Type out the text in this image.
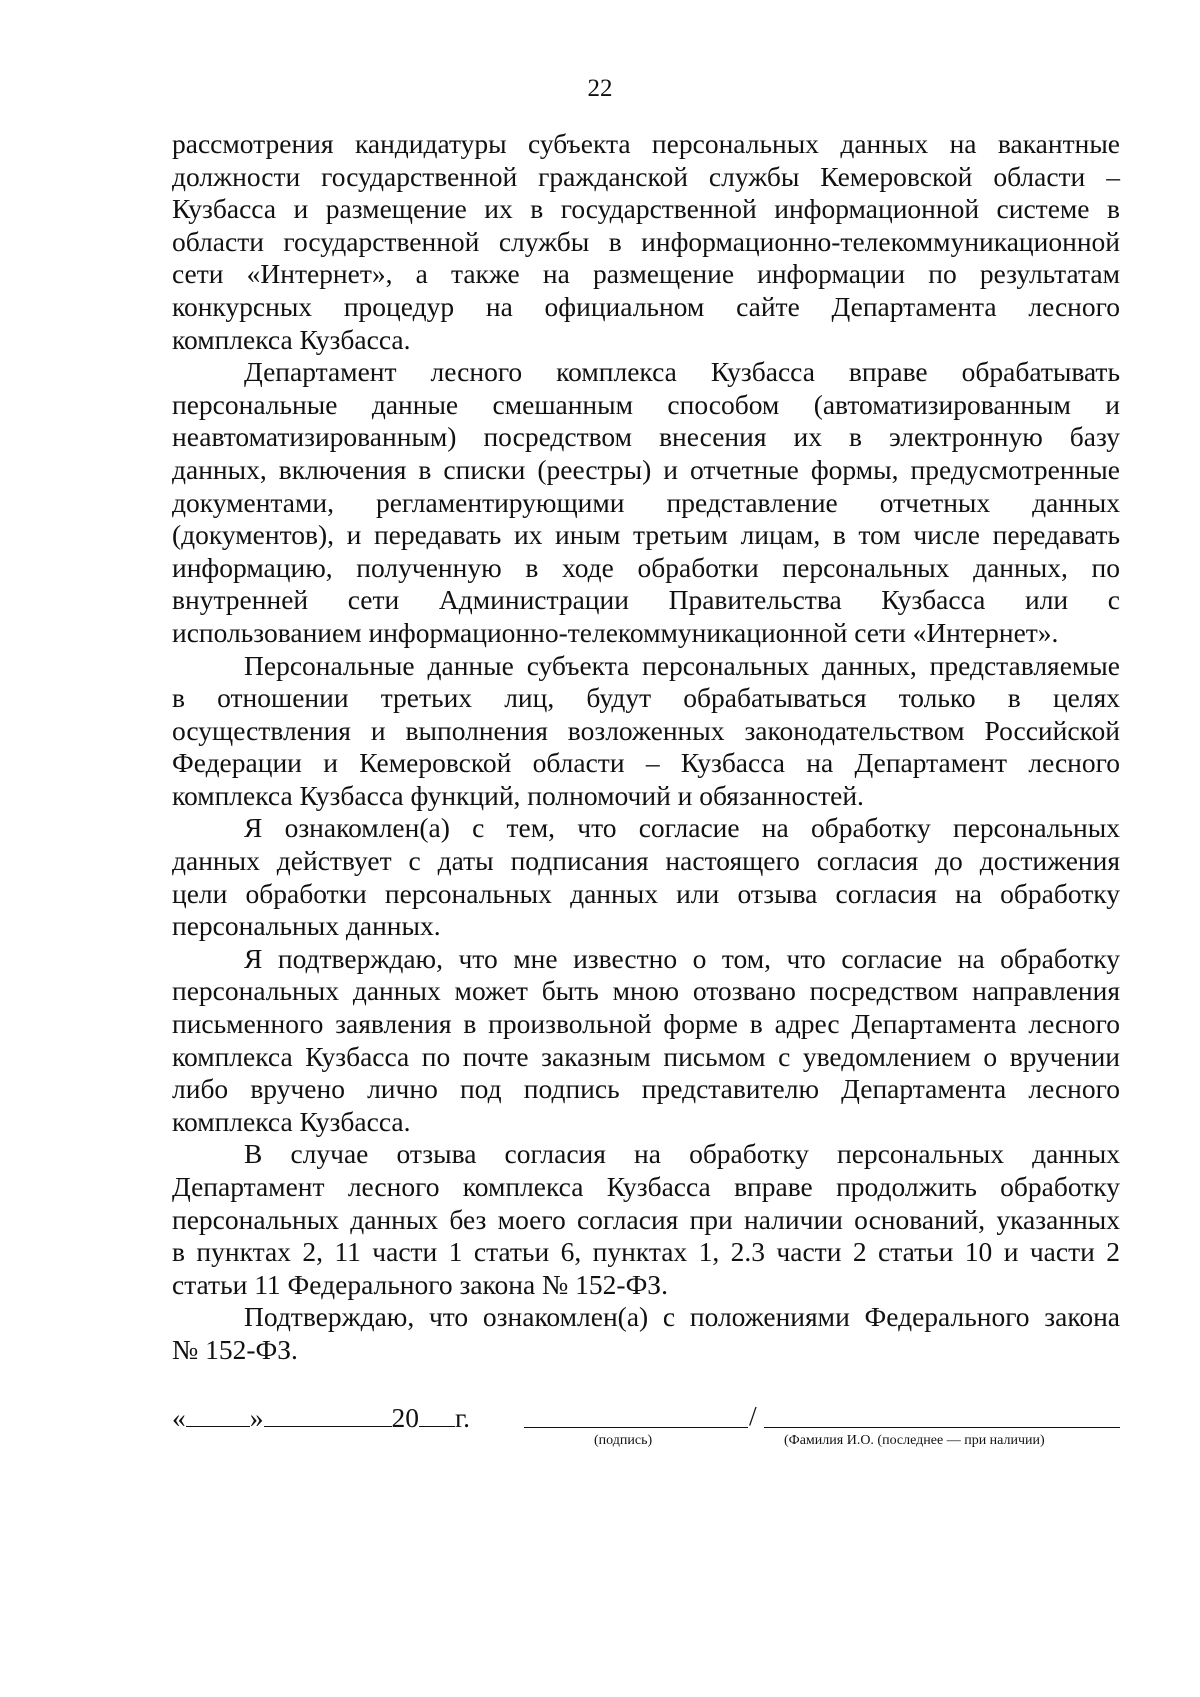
22
рассмотрения кандидатуры субъекта персональных данных на вакантные
должности государственной гражданской службы Кемеровской области –
Кузбасса и размещение их в государственной информационной системе в
области государственной службы в информационно-телекоммуникационной
сети «Интернет», а также на размещение информации по результатам
конкурсных процедур на официальном сайте Департамента лесного
комплекса Кузбасса.
Департамент лесного комплекса Кузбасса вправе обрабатывать
персональные данные смешанным способом (автоматизированным и
неавтоматизированным) посредством внесения их в электронную базу
данных, включения в списки (реестры) и отчетные формы, предусмотренные
документами, регламентирующими представление отчетных данных
(документов), и передавать их иным третьим лицам, в том числе передавать
информацию, полученную в ходе обработки персональных данных, по
внутренней сети Администрации Правительства Кузбасса или с
использованием информационно-телекоммуникационной сети «Интернет».
Персональные данные субъекта персональных данных, представляемые
в отношении третьих лиц, будут обрабатываться только в целях
осуществления и выполнения возложенных законодательством Российской
Федерации и Кемеровской области – Кузбасса на Департамент лесного
комплекса Кузбасса функций, полномочий и обязанностей.
Я ознакомлен(а) с тем, что согласие на обработку персональных
данных действует с даты подписания настоящего согласия до достижения
цели обработки персональных данных или отзыва согласия на обработку
персональных данных.
Я подтверждаю, что мне известно о том, что согласие на обработку
персональных данных может быть мною отозвано посредством направления
письменного заявления в произвольной форме в адрес Департамента лесного
комплекса Кузбасса по почте заказным письмом с уведомлением о вручении
либо вручено лично под подпись представителю Департамента лесного
комплекса Кузбасса.
В случае отзыва согласия на обработку персональных данных
Департамент лесного комплекса Кузбасса вправе продолжить обработку
персональных данных без моего согласия при наличии оснований, указанных
в пунктах 2, 11 части 1 статьи 6, пунктах 1, 2.3 части 2 статьи 10 и части 2
статьи 11 Федерального закона № 152-ФЗ.
Подтверждаю, что ознакомлен(а) с положениями Федерального закона
№ 152-ФЗ.
« »	20 г.	/
(подпись)	(Фамилия И.О. (последнее — при наличии)
